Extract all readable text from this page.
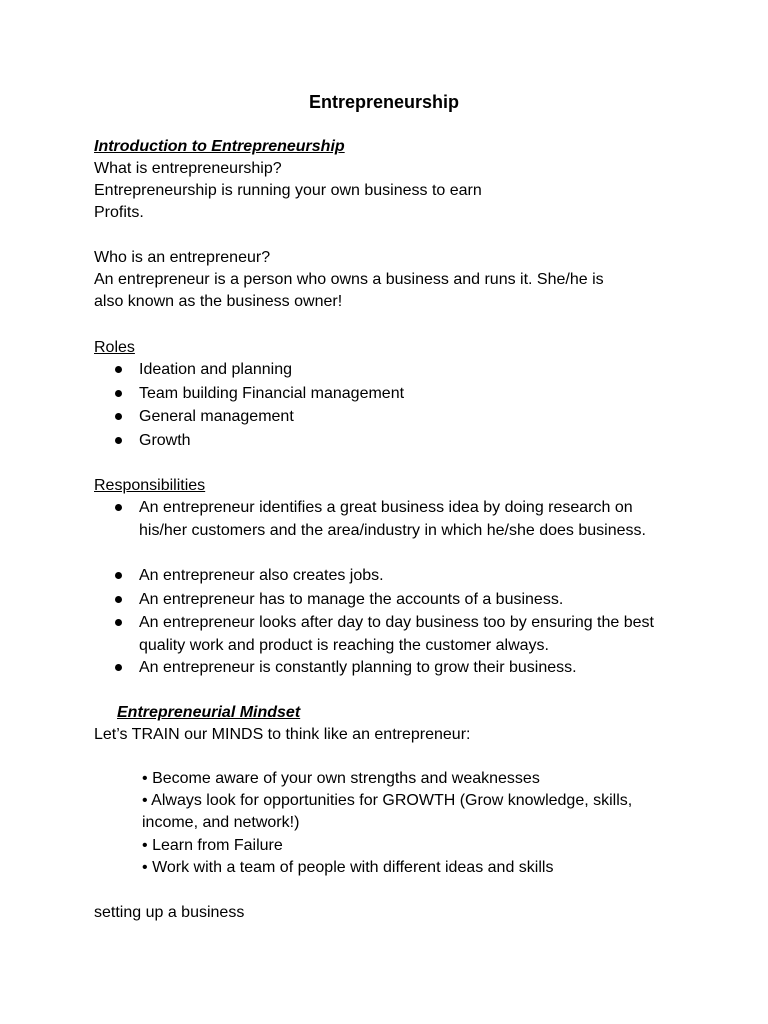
Entrepreneurship
Introduction to Entrepreneurship
What is entrepreneurship?
Entrepreneurship is running your own business to earn
Profits.
Who is an entrepreneur?
An entrepreneur is a person who owns a business and runs it. She/he is
also known as the business owner!
Roles
Ideation and planning
Team building Financial management
General management
Growth
Responsibilities
An entrepreneur identifies a great business idea by doing research on his/her customers and the area/industry in which he/she does business.
An entrepreneur also creates jobs.
An entrepreneur has to manage the accounts of a business.
An entrepreneur looks after day to day business too by ensuring the best quality work and product is reaching the customer always.
An entrepreneur is constantly planning to grow their business.
Entrepreneurial Mindset
Let’s TRAIN our MINDS to think like an entrepreneur:
• Become aware of your own strengths and weaknesses
• Always look for opportunities for GROWTH (Grow knowledge, skills, income, and network!)
• Learn from Failure
• Work with a team of people with different ideas and skills
setting up a business
